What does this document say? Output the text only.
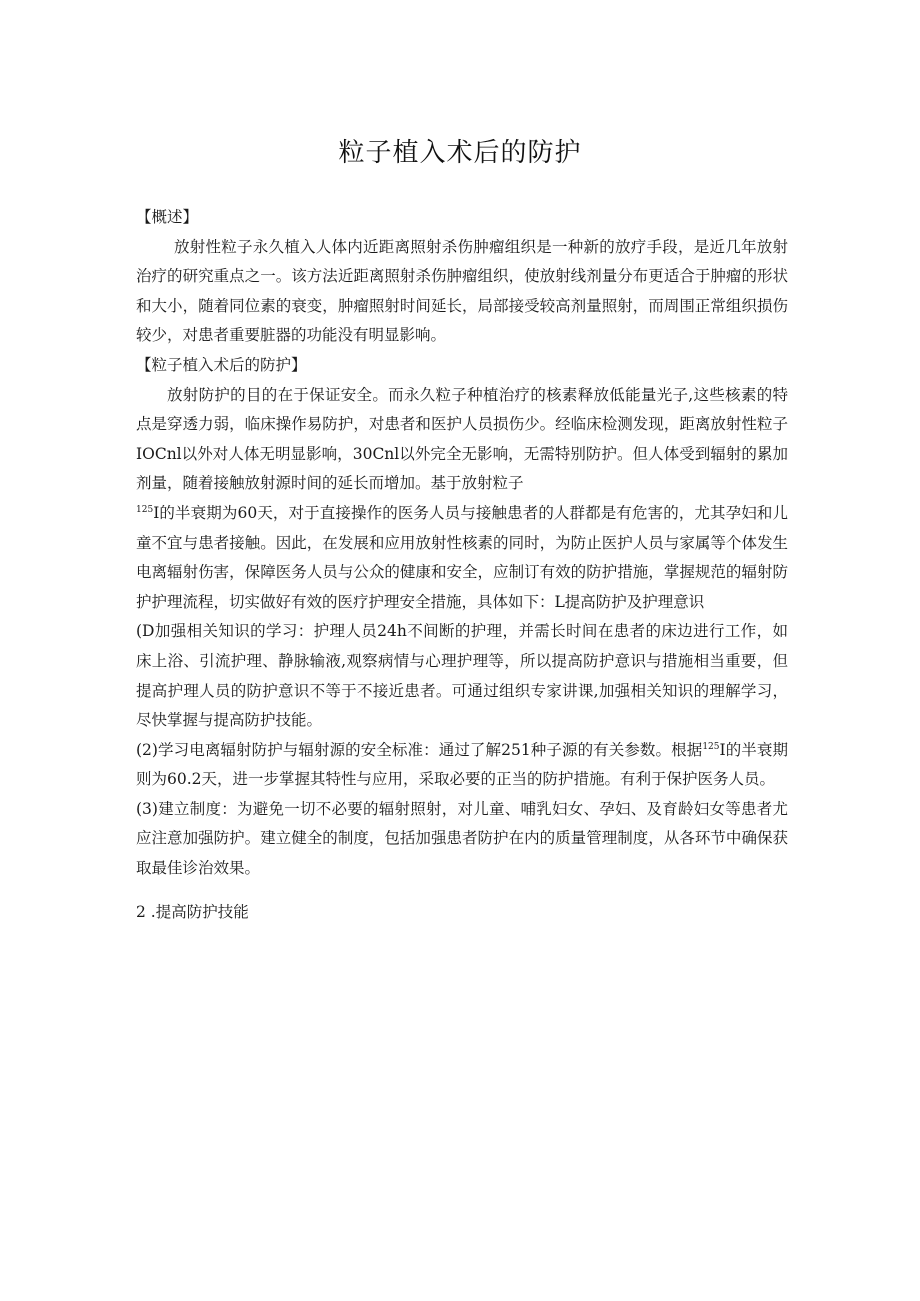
粒子植入术后的防护

【概述】

放射性粒子永久植入人体内近距离照射杀伤肿瘤组织是一种新的放疗手段，是近几年放射治疗的研究重点之一。该方法近距离照射杀伤肿瘤组织，使放射线剂量分布更适合于肿瘤的形状和大小，随着同位素的衰变，肿瘤照射时间延长，局部接受较高剂量照射，而周围正常组织损伤较少，对患者重要脏器的功能没有明显影响。

【粒子植入术后的防护】

放射防护的目的在于保证安全。而永久粒子种植治疗的核素释放低能量光子,这些核素的特点是穿透力弱，临床操作易防护，对患者和医护人员损伤少。经临床检测发现，距离放射性粒子IOCnl以外对人体无明显影响，30Cnl以外完全无影响，无需特别防护。但人体受到辐射的累加剂量，随着接触放射源时间的延长而增加。基于放射粒子
$^{125}$I的半衰期为60天，对于直接操作的医务人员与接触患者的人群都是有危害的，尤其孕妇和儿童不宜与患者接触。因此，在发展和应用放射性核素的同时，为防止医护人员与家属等个体发生电离辐射伤害，保障医务人员与公众的健康和安全，应制订有效的防护措施，掌握规范的辐射防护护理流程，切实做好有效的医疗护理安全措施，具体如下：L提高防护及护理意识

(D加强相关知识的学习：护理人员24h不间断的护理，并需长时间在患者的床边进行工作，如床上浴、引流护理、静脉输液,观察病情与心理护理等，所以提高防护意识与措施相当重要，但提高护理人员的防护意识不等于不接近患者。可通过组织专家讲课,加强相关知识的理解学习，尽快掌握与提高防护技能。

(2)学习电离辐射防护与辐射源的安全标准：通过了解251种子源的有关参数。根据$^{125}$I的半衰期则为60.2天，进一步掌握其特性与应用，采取必要的正当的防护措施。有利于保护医务人员。

(3)建立制度：为避免一切不必要的辐射照射，对儿童、哺乳妇女、孕妇、及育龄妇女等患者尤应注意加强防护。建立健全的制度，包括加强患者防护在内的质量管理制度，从各环节中确保获取最佳诊治效果。

2 .提高防护技能
